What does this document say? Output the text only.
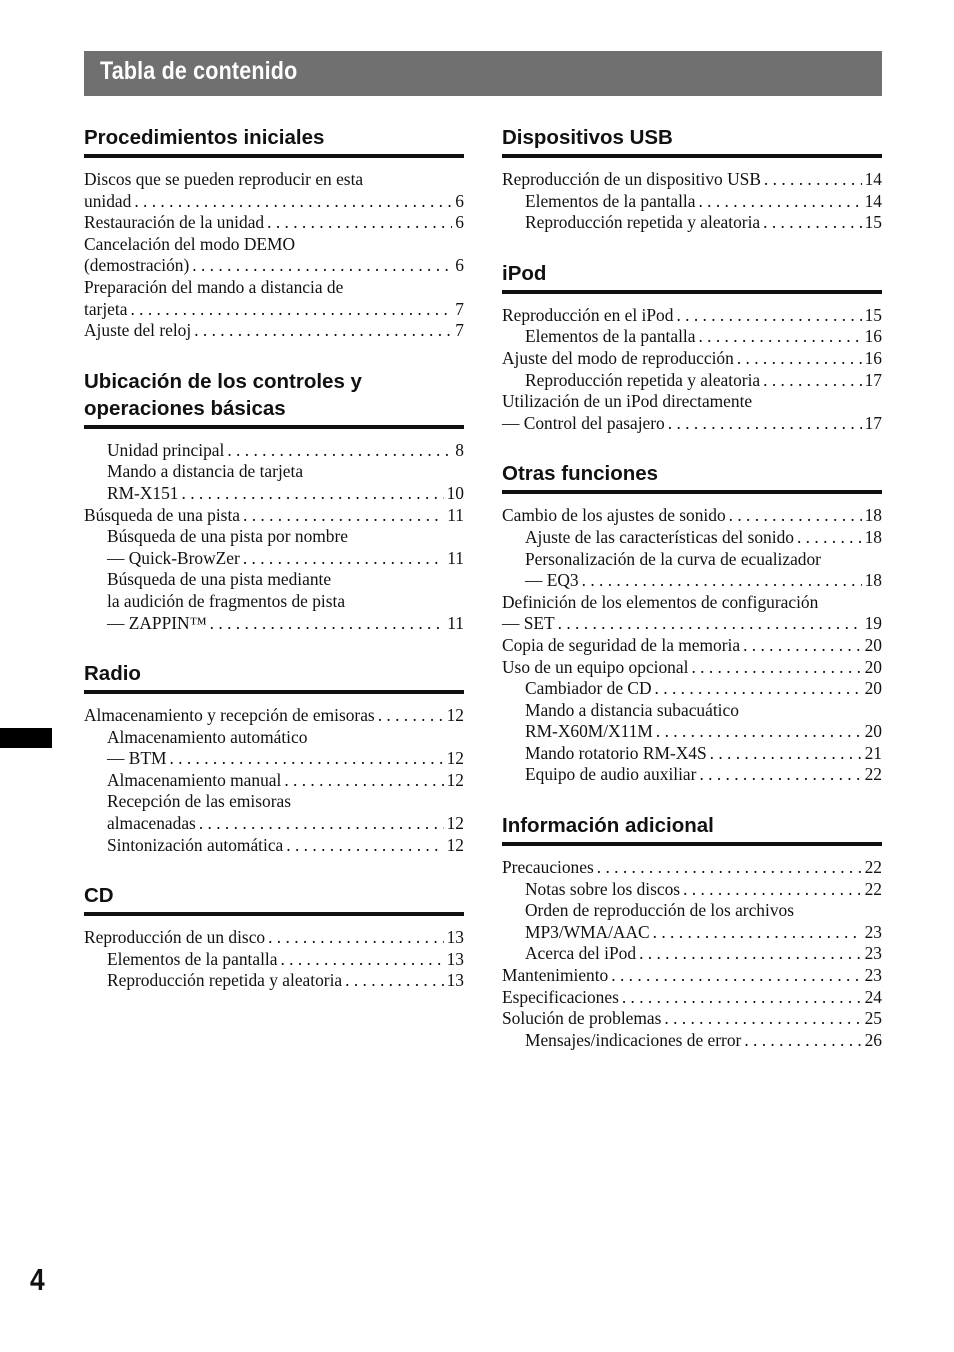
Tabla de contenido
Procedimientos iniciales
Discos que se pueden reproducir en esta
unidad . . .	6
Restauración de la unidad . . .	6
Cancelación del modo DEMO
(demostración) . . .	6
Preparación del mando a distancia de
tarjeta . . .	7
Ajuste del reloj . . .	7
Ubicación de los controles y operaciones básicas
Unidad principal . . .	8
Mando a distancia de tarjeta
RM-X151 . . .	10
Búsqueda de una pista . . .	11
Búsqueda de una pista por nombre
— Quick-BrowZer . . .	11
Búsqueda de una pista mediante
la audición de fragmentos de pista
— ZAPPIN™ . . .	11
Radio
Almacenamiento y recepción de emisoras . . .	12
Almacenamiento automático
— BTM . . .	12
Almacenamiento manual . . .	12
Recepción de las emisoras
almacenadas . . .	12
Sintonización automática . . .	12
CD
Reproducción de un disco . . .	13
Elementos de la pantalla . . .	13
Reproducción repetida y aleatoria . . .	13
Dispositivos USB
Reproducción de un dispositivo USB . . .	14
Elementos de la pantalla . . .	14
Reproducción repetida y aleatoria . . .	15
iPod
Reproducción en el iPod . . .	15
Elementos de la pantalla . . .	16
Ajuste del modo de reproducción . . .	16
Reproducción repetida y aleatoria . . .	17
Utilización de un iPod directamente
— Control del pasajero . . .	17
Otras funciones
Cambio de los ajustes de sonido . . .	18
Ajuste de las características del sonido . . .	18
Personalización de la curva de ecualizador
— EQ3 . . .	18
Definición de los elementos de configuración
— SET . . .	19
Copia de seguridad de la memoria . . .	20
Uso de un equipo opcional . . .	20
Cambiador de CD . . .	20
Mando a distancia subacuático
RM-X60M/X11M . . .	20
Mando rotatorio RM-X4S . . .	21
Equipo de audio auxiliar . . .	22
Información adicional
Precauciones . . .	22
Notas sobre los discos . . .	22
Orden de reproducción de los archivos
MP3/WMA/AAC . . .	23
Acerca del iPod . . .	23
Mantenimiento . . .	23
Especificaciones . . .	24
Solución de problemas . . .	25
Mensajes/indicaciones de error . . .	26
4
